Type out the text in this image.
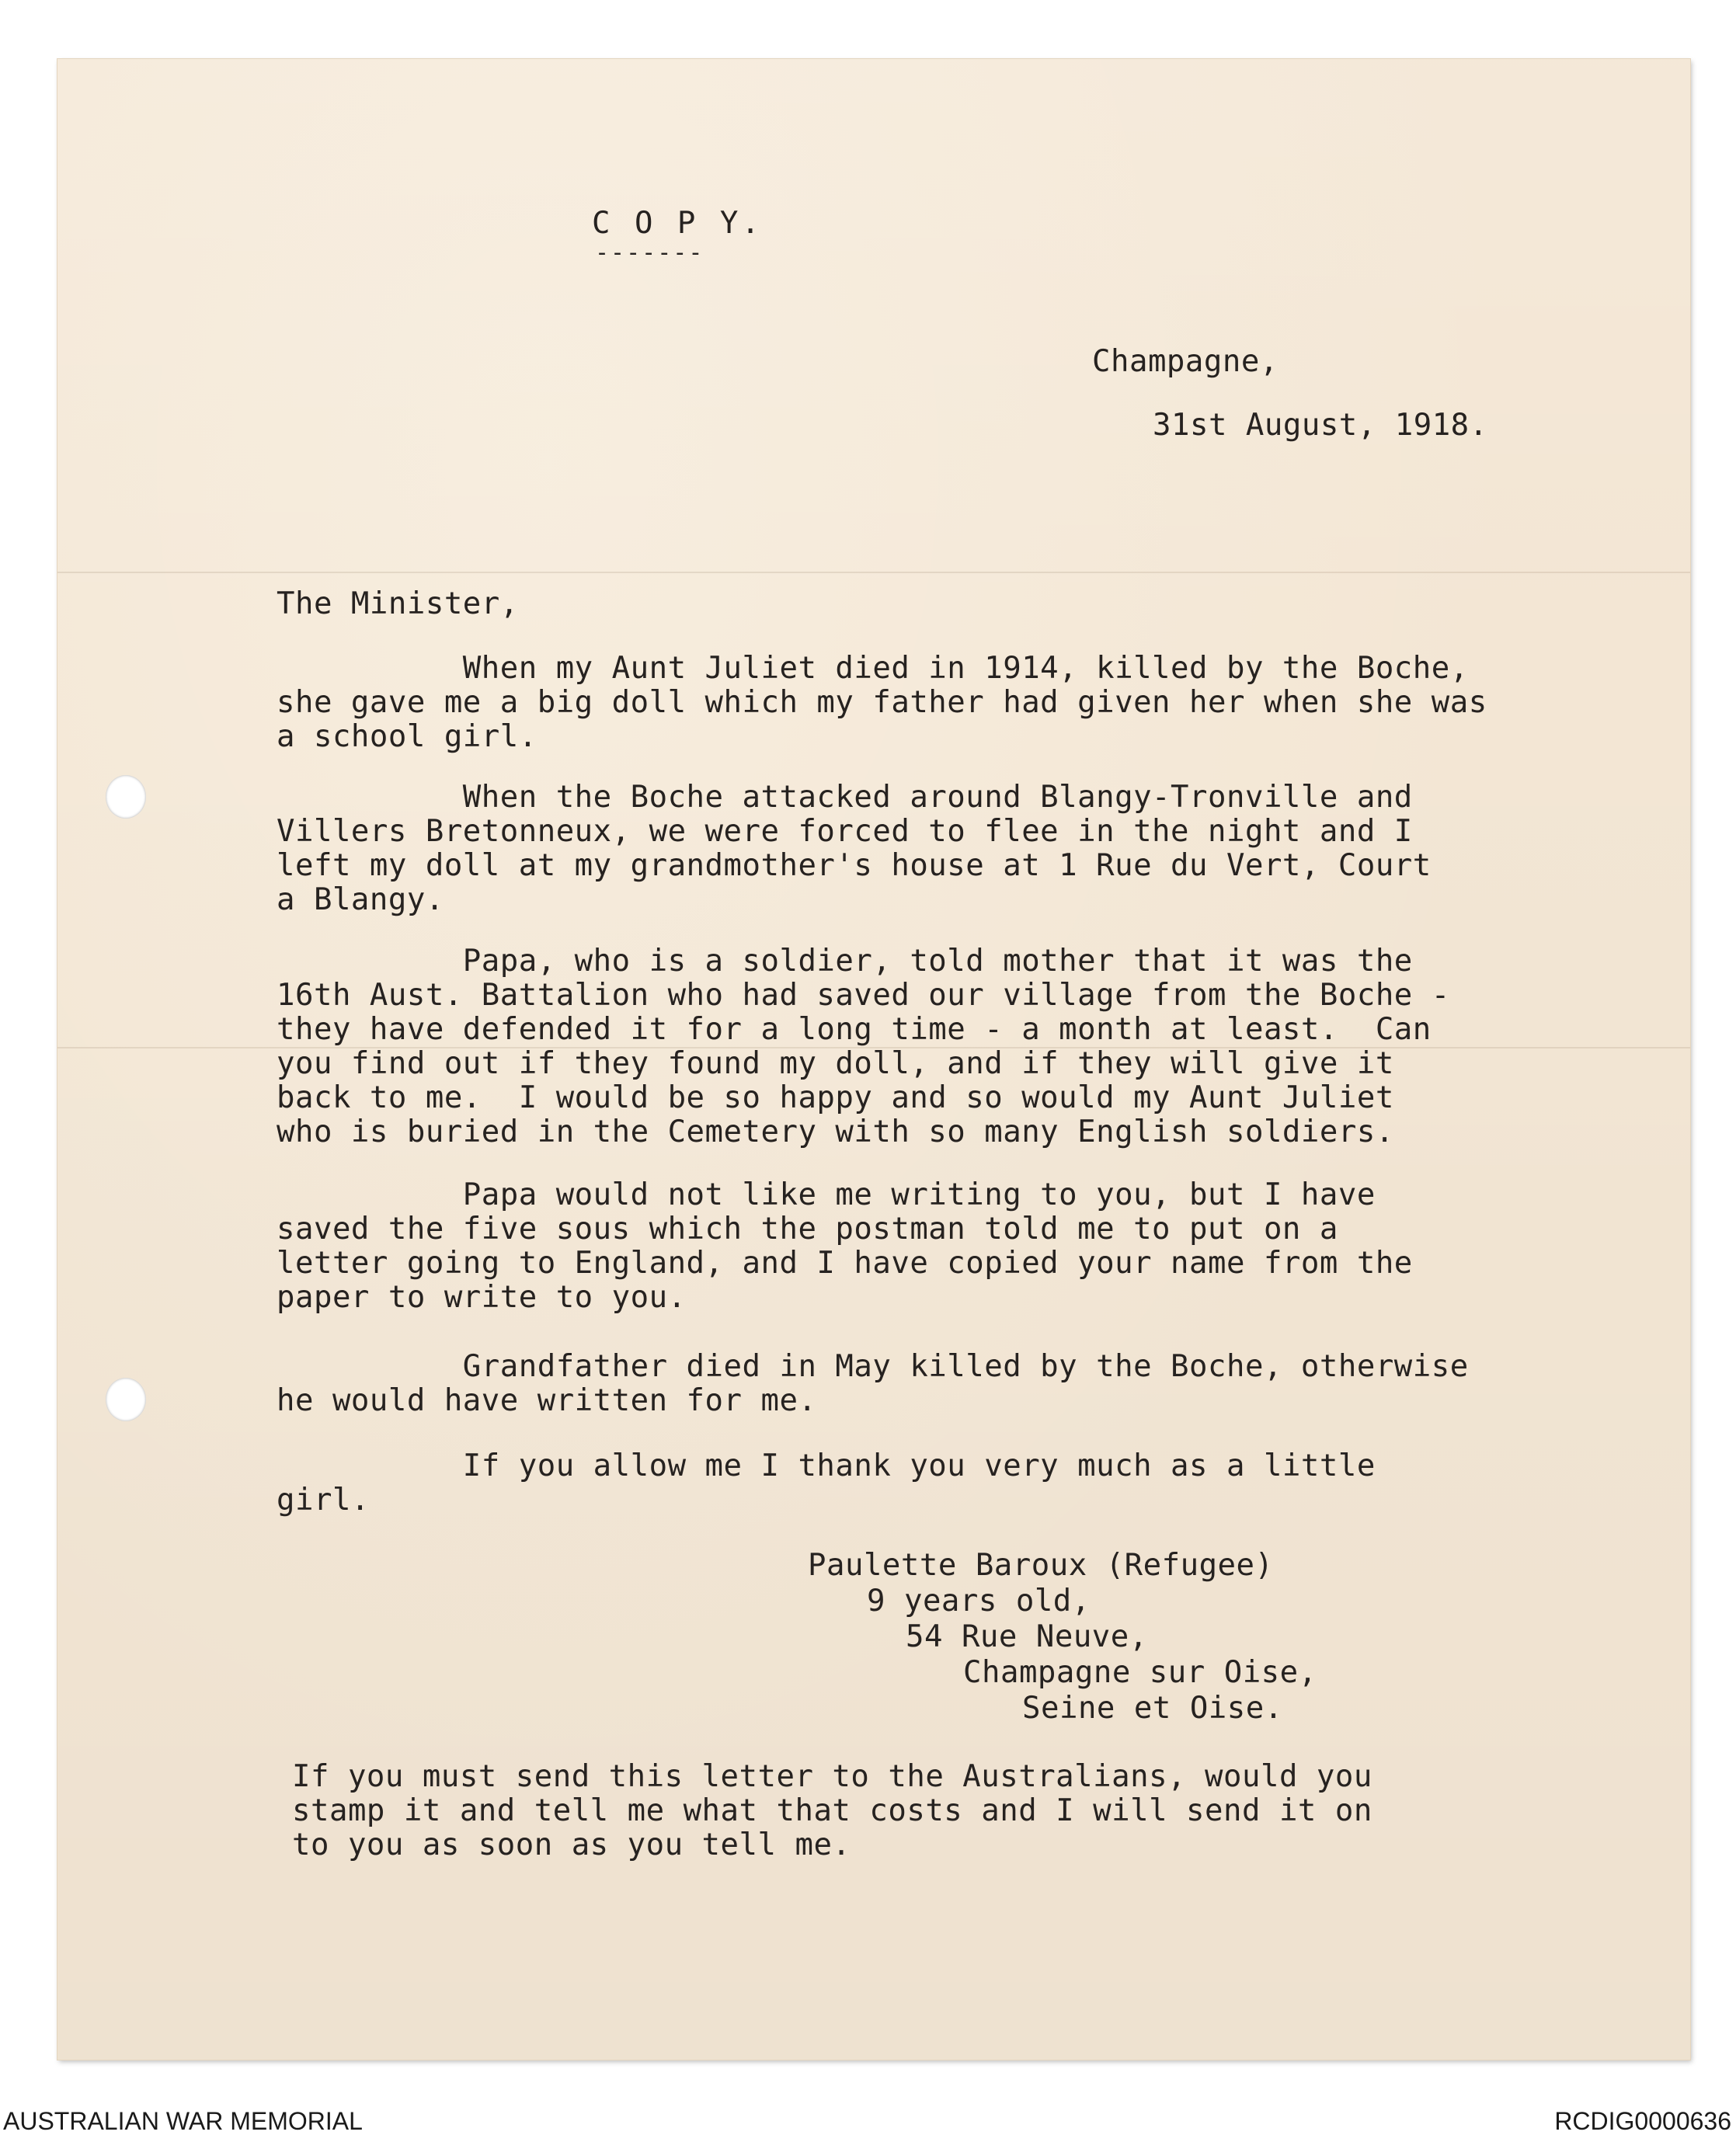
C O P Y.
-------
Champagne,
31st August, 1918.
The Minister,
When my Aunt Juliet died in 1914, killed by the Boche,
she gave me a big doll which my father had given her when she was
a school girl.
When the Boche attacked around Blangy-Tronville and
Villers Bretonneux, we were forced to flee in the night and I
left my doll at my grandmother's house at 1 Rue du Vert, Court
a Blangy.
Papa, who is a soldier, told mother that it was the
16th Aust. Battalion who had saved our village from the Boche -
they have defended it for a long time - a month at least.  Can
you find out if they found my doll, and if they will give it
back to me.  I would be so happy and so would my Aunt Juliet
who is buried in the Cemetery with so many English soldiers.
Papa would not like me writing to you, but I have
saved the five sous which the postman told me to put on a
letter going to England, and I have copied your name from the
paper to write to you.
Grandfather died in May killed by the Boche, otherwise
he would have written for me.
If you allow me I thank you very much as a little
girl.
Paulette Baroux (Refugee)
9 years old,
54 Rue Neuve,
Champagne sur Oise,
Seine et Oise.
If you must send this letter to the Australians, would you
stamp it and tell me what that costs and I will send it on
to you as soon as you tell me.
AUSTRALIAN WAR MEMORIAL	RCDIG0000636
